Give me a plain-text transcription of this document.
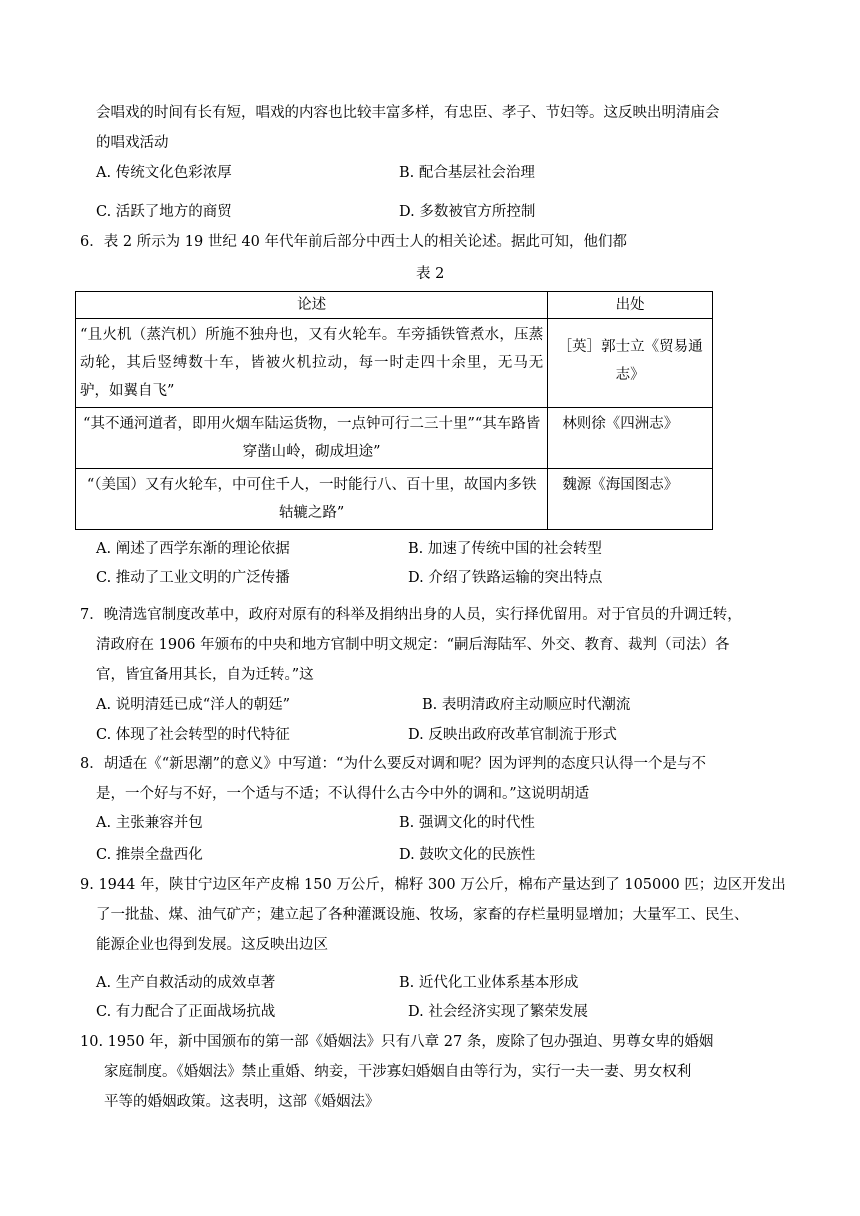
会唱戏的时间有长有短，唱戏的内容也比较丰富多样，有忠臣、孝子、节妇等。这反映出明清庙会
的唱戏活动
A. 传统文化色彩浓厚	B. 配合基层社会治理
C. 活跃了地方的商贸	D. 多数被官方所控制
6．表 2 所示为 19 世纪 40 年代年前后部分中西士人的相关论述。据此可知，他们都
表 2
论述	出处
“且火机（蒸汽机）所施不独舟也，又有火轮车。车旁插铁管煮水，压蒸动轮，其后竖缚数十车，皆被火机拉动，每一时走四十余里，无马无驴，如翼自飞”	［英］郭士立《贸易通志》
“其不通河道者，即用火烟车陆运货物，一点钟可行二三十里”“其车路皆穿凿山岭，砌成坦途”	林则徐《四洲志》
“（美国）又有火轮车，中可住千人，一时能行八、百十里，故国内多铁轱辘之路”	魏源《海国图志》
A. 阐述了西学东渐的理论依据	B. 加速了传统中国的社会转型
C. 推动了工业文明的广泛传播	D. 介绍了铁路运输的突出特点
7．晚清选官制度改革中，政府对原有的科举及捐纳出身的人员，实行择优留用。对于官员的升调迁转，
清政府在 1906 年颁布的中央和地方官制中明文规定：“嗣后海陆军、外交、教育、裁判（司法）各
官，皆宜备用其长，自为迁转。”这
A. 说明清廷已成“洋人的朝廷”	B. 表明清政府主动顺应时代潮流
C. 体现了社会转型的时代特征	D. 反映出政府改革官制流于形式
8．胡适在《“新思潮”的意义》中写道：“为什么要反对调和呢？因为评判的态度只认得一个是与不
是，一个好与不好，一个适与不适；不认得什么古今中外的调和。”这说明胡适
A. 主张兼容并包	B. 强调文化的时代性
C. 推崇全盘西化	D. 鼓吹文化的民族性
9. 1944 年，陕甘宁边区年产皮棉 150 万公斤，棉籽 300 万公斤，棉布产量达到了 105000 匹；边区开发出
了一批盐、煤、油气矿产；建立起了各种灌溉设施、牧场，家畜的存栏量明显增加；大量军工、民生、
能源企业也得到发展。这反映出边区
A. 生产自救活动的成效卓著	B. 近代化工业体系基本形成
C. 有力配合了正面战场抗战	D. 社会经济实现了繁荣发展
10. 1950 年，新中国颁布的第一部《婚姻法》只有八章 27 条，废除了包办强迫、男尊女卑的婚姻
家庭制度。《婚姻法》禁止重婚、纳妾，干涉寡妇婚姻自由等行为，实行一夫一妻、男女权利
平等的婚姻政策。这表明，这部《婚姻法》
